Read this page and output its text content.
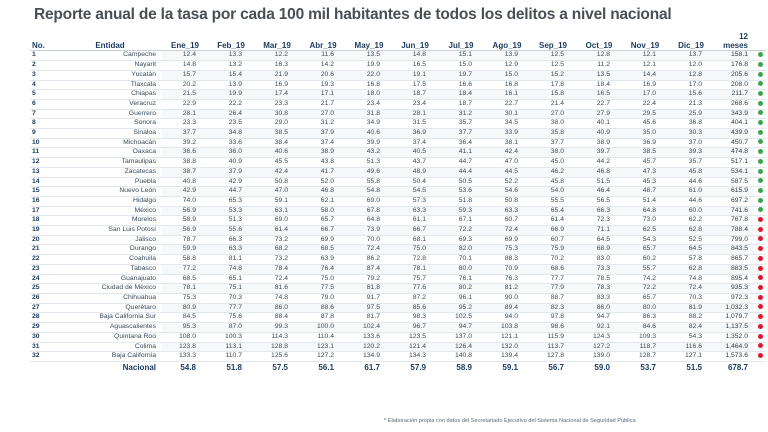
Reporte anual de la tasa por cada 100 mil habitantes de todos los delitos a nivel nacional
No.	Entidad	Ene_19	Feb_19	Mar_19	Abr_19	May_19	Jun_19	Jul_19	Ago_19	Sep_19	Oct_19	Nov_19	Dic_19	12 meses	
1	Campeche	12.4	13.3	12.2	11.6	13.5	14.8	15.1	13.9	12.5	12.8	12.1	13.7	158.1	
2	Nayarit	14.8	13.2	16.3	14.2	19.9	16.5	15.0	12.9	12.5	11.2	12.1	12.0	176.8	
3	Yucatán	15.7	15.4	21.9	20.6	22.0	19.1	19.7	15.0	15.2	13.5	14.4	12.8	205.6	
4	Tlaxcala	20.2	13.9	16.9	19.3	16.8	17.5	16.6	16.8	17.8	18.4	16.9	17.0	208.0	
5	Chiapas	21.5	19.9	17.4	17.1	18.0	18.7	18.4	16.1	15.8	16.5	17.0	15.6	211.7	
6	Veracruz	22.9	22.2	23.3	21.7	23.4	23.4	18.7	22.7	21.4	22.7	22.4	21.3	268.6	
7	Guerrero	28.1	26.4	30.8	27.0	31.8	28.1	31.2	30.1	27.0	27.9	29.5	25.9	343.9	
8	Sonora	23.3	23.5	29.0	31.2	34.9	31.5	35.7	34.5	38.0	40.1	45.6	36.8	404.1	
9	Sinaloa	37.7	34.8	38.5	37.9	40.6	36.9	37.7	33.9	35.8	40.9	35.0	30.3	439.9	
10	Michoacán	39.2	33.6	38.4	37.4	39.9	37.4	36.4	38.1	37.7	38.9	36.9	37.0	450.7	
11	Oaxaca	36.6	36.0	40.6	38.9	43.2	40.5	41.1	42.4	38.0	39.7	38.5	39.3	474.8	
12	Tamaulipas	38.8	40.9	45.5	43.8	51.3	43.7	44.7	47.0	45.0	44.2	45.7	35.7	517.1	
13	Zacatecas	38.7	37.9	42.4	41.7	49.6	48.9	44.4	44.5	46.2	46.8	47.3	45.8	534.1	
14	Puebla	40.8	42.9	50.8	52.0	55.8	50.4	50.5	52.2	45.8	51.5	45.3	44.6	587.5	
15	Nuevo León	42.9	44.7	47.0	46.8	54.8	54.5	53.6	54.6	54.0	46.4	48.7	61.0	615.9	
16	Hidalgo	74.0	65.3	59.1	62.1	69.0	57.3	51.8	50.8	55.5	56.5	51.4	44.6	697.2	
17	México	56.9	53.3	63.1	58.0	67.8	63.3	59.3	63.3	65.4	66.3	64.8	60.0	741.6	
18	Morelos	58.9	51.3	69.0	65.7	64.8	61.1	67.1	60.7	61.4	72.3	73.0	62.2	767.8	
19	San Luis Potosí	56.9	55.6	61.4	66.7	73.9	66.7	72.2	72.4	66.9	71.1	62.5	62.8	788.4	
20	Jalisco	78.7	66.3	73.2	69.9	70.0	68.1	69.3	69.9	60.7	64.5	54.3	52.5	799.0	
21	Durango	59.9	63.3	68.2	68.5	72.4	75.0	82.0	75.3	75.9	68.9	65.7	64.5	843.5	
22	Coahuila	58.8	81.1	73.2	63.9	86.2	72.8	70.1	88.3	70.2	83.0	60.2	57.8	865.7	
23	Tabasco	77.2	74.8	78.4	76.4	87.4	78.1	80.0	70.9	68.6	73.3	55.7	62.8	883.5	
24	Guanajuato	68.5	65.1	72.4	75.0	79.2	75.7	76.1	76.3	77.7	78.5	74.2	74.8	895.4	
25	Ciudad de México	78.1	75.1	81.6	77.5	81.8	77.6	80.2	81.2	77.9	78.3	72.2	72.4	935.3	
26	Chihuahua	75.3	70.3	74.8	79.0	91.7	87.2	96.1	90.0	88.7	83.3	65.7	70.3	972.3	
27	Querétaro	80.9	77.7	86.0	88.6	97.5	85.6	95.2	89.4	82.3	86.0	80.0	81.9	1,032.3	
28	Baja California Sur	84.5	75.6	88.4	87.8	81.7	98.3	102.5	94.0	97.8	94.7	86.3	88.2	1,079.7	
29	Aguascalientes	95.3	87.0	99.3	100.0	102.4	96.7	94.7	103.8	98.6	92.1	84.6	82.4	1,137.5	
30	Quintana Roo	108.0	100.3	114.3	110.4	133.6	123.5	137.0	121.1	115.9	124.3	109.3	54.3	1,352.0	
31	Colima	123.8	113.1	128.8	123.1	120.2	121.4	126.4	132.0	113.7	127.2	118.7	116.6	1,464.9	
32	Baja California	133.3	110.7	125.6	127.2	134.9	134.3	140.8	139.4	127.8	139.0	128.7	127.1	1,573.6	
	Nacional	54.8	51.8	57.5	56.1	61.7	57.9	58.9	59.1	56.7	59.0	53.7	51.5	678.7	
* Elaboración propia con datos del Secretariado Ejecutivo del Sistema Nacional de Seguridad Pública
